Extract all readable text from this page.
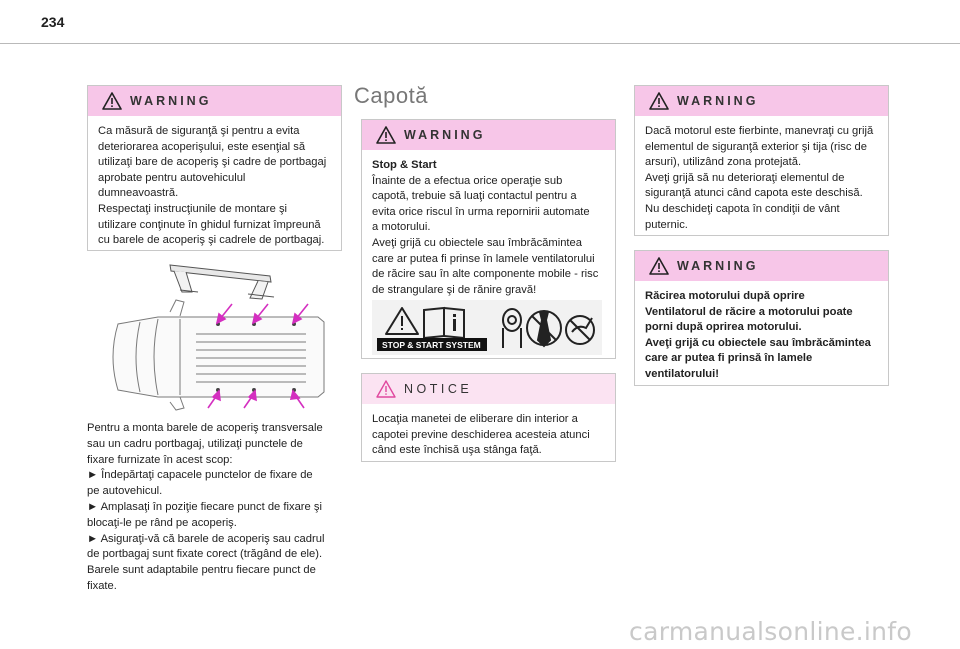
234
WARNING
Ca măsură de siguranţă şi pentru a evita
deteriorarea acoperişului, este esenţial să
utilizaţi bare de acoperiş şi cadre de portbagaj
aprobate pentru autovehiculul
dumneavoastră.
Respectaţi instrucţiunile de montare şi
utilizare conţinute în ghidul furnizat împreună
cu barele de acoperiş şi cadrele de portbagaj.
Pentru a monta barele de acoperiş transversale
sau un cadru portbagaj, utilizaţi punctele de
fixare furnizate în acest scop:
► Îndepărtaţi capacele punctelor de fixare de
pe autovehicul.
► Amplasaţi în poziţie fiecare punct de fixare şi
blocaţi-le pe rând pe acoperiş.
► Asiguraţi-vă că barele de acoperiş sau cadrul
de portbagaj sunt fixate corect (trăgând de ele).
Barele sunt adaptabile pentru fiecare punct de
fixate.
Capotă
WARNING
Stop & Start
Înainte de a efectua orice operaţie sub
capotă, trebuie să luaţi contactul pentru a
evita orice riscul în urma repornirii automate
a motorului.
Aveţi grijă cu obiectele sau îmbrăcămintea
care ar putea fi prinse în lamele ventilatorului
de răcire sau în alte componente mobile - risc
de strangulare şi de rănire gravă!
STOP & START SYSTEM
NOTICE
Locaţia manetei de eliberare din interior a
capotei previne deschiderea acesteia atunci
când este închisă uşa stânga faţă.
WARNING
Dacă motorul este fierbinte, manevraţi cu grijă
elementul de siguranţă exterior şi tija (risc de
arsuri), utilizând zona protejată.
Aveţi grijă să nu deterioraţi elementul de
siguranţă atunci când capota este deschisă.
Nu deschideţi capota în condiţii de vânt
puternic.
WARNING
Răcirea motorului după oprire
Ventilatorul de răcire a motorului poate
porni după oprirea motorului.
Aveţi grijă cu obiectele sau îmbrăcămintea
care ar putea fi prinsă în lamele
ventilatorului!
carmanualsonline.info
